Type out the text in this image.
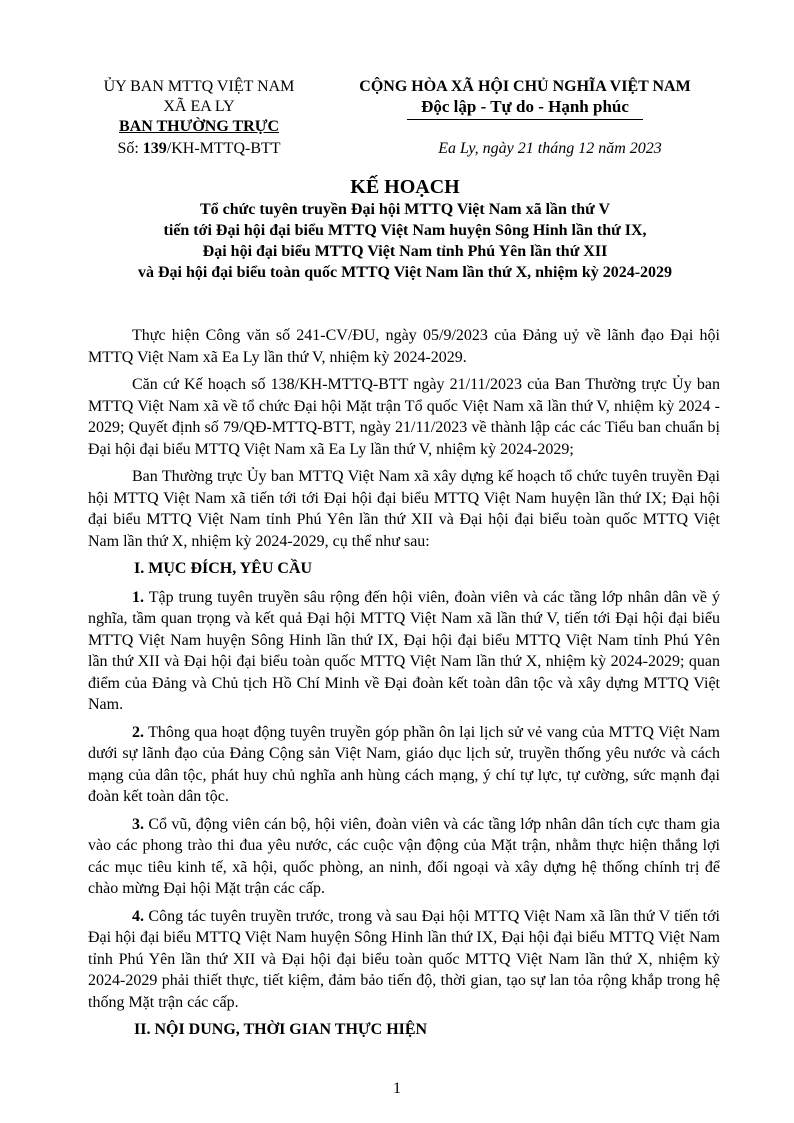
ỦY BAN MTTQ VIỆT NAM
XÃ EA LY
BAN THƯỜNG TRỰC
CỘNG HÒA XÃ HỘI CHỦ NGHĨA VIỆT NAM
Độc lập - Tự do - Hạnh phúc
Số: 139/KH-MTTQ-BTT	Ea Ly, ngày 21 tháng 12 năm 2023
KẾ HOẠCH
Tổ chức tuyên truyền Đại hội MTTQ Việt Nam xã lần thứ V
tiến tới Đại hội đại biểu MTTQ Việt Nam huyện Sông Hinh lần thứ IX,
Đại hội đại biểu MTTQ Việt Nam tỉnh Phú Yên lần thứ XII
và Đại hội đại biểu toàn quốc MTTQ Việt Nam lần thứ X, nhiệm kỳ 2024-2029

Thực hiện Công văn số 241-CV/ĐU, ngày 05/9/2023 của Đảng uỷ về lãnh đạo Đại hội MTTQ Việt Nam xã Ea Ly lần thứ V, nhiệm kỳ 2024-2029.

Căn cứ Kế hoạch số 138/KH-MTTQ-BTT ngày 21/11/2023 của Ban Thường trực Ủy ban MTTQ Việt Nam xã về tổ chức Đại hội Mặt trận Tổ quốc Việt Nam xã lần thứ V, nhiệm kỳ 2024 - 2029; Quyết định số 79/QĐ-MTTQ-BTT, ngày 21/11/2023 về thành lập các các Tiểu ban chuẩn bị Đại hội đại biểu MTTQ Việt Nam xã Ea Ly lần thứ V, nhiệm kỳ 2024-2029;

Ban Thường trực Ủy ban MTTQ Việt Nam xã xây dựng kế hoạch tổ chức tuyên truyền Đại hội MTTQ Việt Nam xã tiến tới tới Đại hội đại biểu MTTQ Việt Nam huyện lần thứ IX; Đại hội đại biểu MTTQ Việt Nam tỉnh Phú Yên lần thứ XII và Đại hội đại biểu toàn quốc MTTQ Việt Nam lần thứ X, nhiệm kỳ 2024-2029, cụ thể như sau:

I. MỤC ĐÍCH, YÊU CẦU

1. Tập trung tuyên truyền sâu rộng đến hội viên, đoàn viên và các tầng lớp nhân dân về ý nghĩa, tầm quan trọng và kết quả Đại hội MTTQ Việt Nam xã lần thứ V, tiến tới Đại hội đại biểu MTTQ Việt Nam huyện Sông Hinh lần thứ IX, Đại hội đại biểu MTTQ Việt Nam tỉnh Phú Yên lần thứ XII và Đại hội đại biểu toàn quốc MTTQ Việt Nam lần thứ X, nhiệm kỳ 2024-2029; quan điểm của Đảng và Chủ tịch Hồ Chí Minh về Đại đoàn kết toàn dân tộc và xây dựng MTTQ Việt Nam.

2. Thông qua hoạt động tuyên truyền góp phần ôn lại lịch sử vẻ vang của MTTQ Việt Nam dưới sự lãnh đạo của Đảng Cộng sản Việt Nam, giáo dục lịch sử, truyền thống yêu nước và cách mạng của dân tộc, phát huy chủ nghĩa anh hùng cách mạng, ý chí tự lực, tự cường, sức mạnh đại đoàn kết toàn dân tộc.

3. Cổ vũ, động viên cán bộ, hội viên, đoàn viên và các tầng lớp nhân dân tích cực tham gia vào các phong trào thi đua yêu nước, các cuộc vận động của Mặt trận, nhằm thực hiện thắng lợi các mục tiêu kinh tế, xã hội, quốc phòng, an ninh, đối ngoại và xây dựng hệ thống chính trị để chào mừng Đại hội Mặt trận các cấp.

4. Công tác tuyên truyền trước, trong và sau Đại hội MTTQ Việt Nam xã lần thứ V tiến tới Đại hội đại biểu MTTQ Việt Nam huyện Sông Hinh lần thứ IX, Đại hội đại biểu MTTQ Việt Nam tỉnh Phú Yên lần thứ XII và Đại hội đại biểu toàn quốc MTTQ Việt Nam lần thứ X, nhiệm kỳ 2024-2029 phải thiết thực, tiết kiệm, đảm bảo tiến độ, thời gian, tạo sự lan tỏa rộng khắp trong hệ thống Mặt trận các cấp.

II. NỘI DUNG, THỜI GIAN THỰC HIỆN
1
